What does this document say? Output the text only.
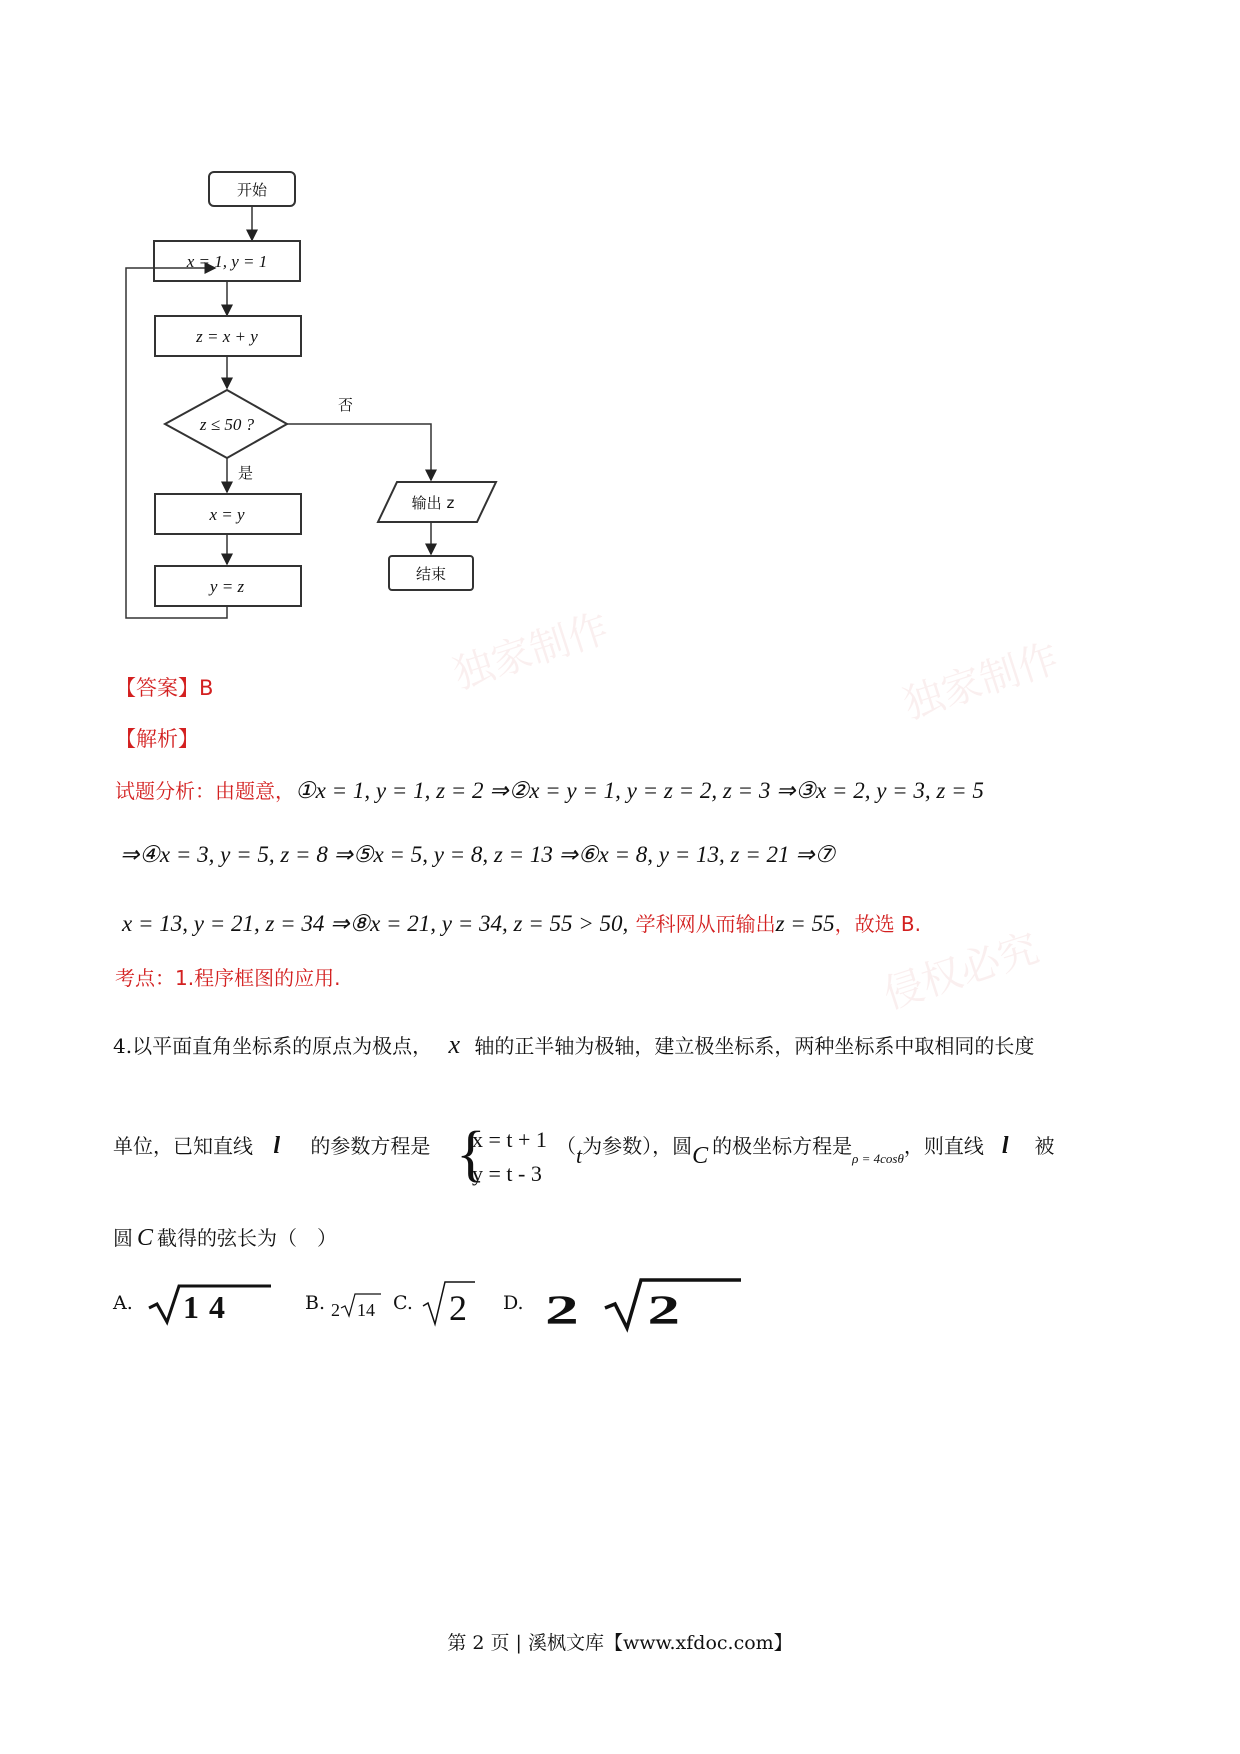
独家制作	独家制作
侵权必究
开始
x = 1, y = 1
z = x + y
z ≤ 50 ?
否
是
x = y
y = z
输出 z
结束
【答案】B
【解析】
试题分析：由题意，①x = 1, y = 1, z = 2 ⇒②x = y = 1, y = z = 2, z = 3 ⇒③x = 2, y = 3, z = 5
⇒④x = 3, y = 5, z = 8 ⇒⑤x = 5, y = 8, z = 13 ⇒⑥x = 8, y = 13, z = 21 ⇒⑦
x = 13, y = 21, z = 34 ⇒⑧x = 21, y = 34, z = 55 > 50, 学科网从而输出z = 55，故选 B.
考点：1.程序框图的应用.
4.以平面直角坐标系的原点为极点， x 轴的正半轴为极轴，建立极坐标系，两种坐标系中取相同的长度
单位，已知直线 l 的参数方程是 {
x = t + 1
y = t - 3
（t为参数），圆C 的极坐标方程是$_{\rho = 4cos\theta}$，则直线 l 被
圆 C 截得的弦长为（　）
A. 14	B. 2 14 C. 2 D. 2 2
第 2 页 | 溪枫文库【www.xfdoc.com】
